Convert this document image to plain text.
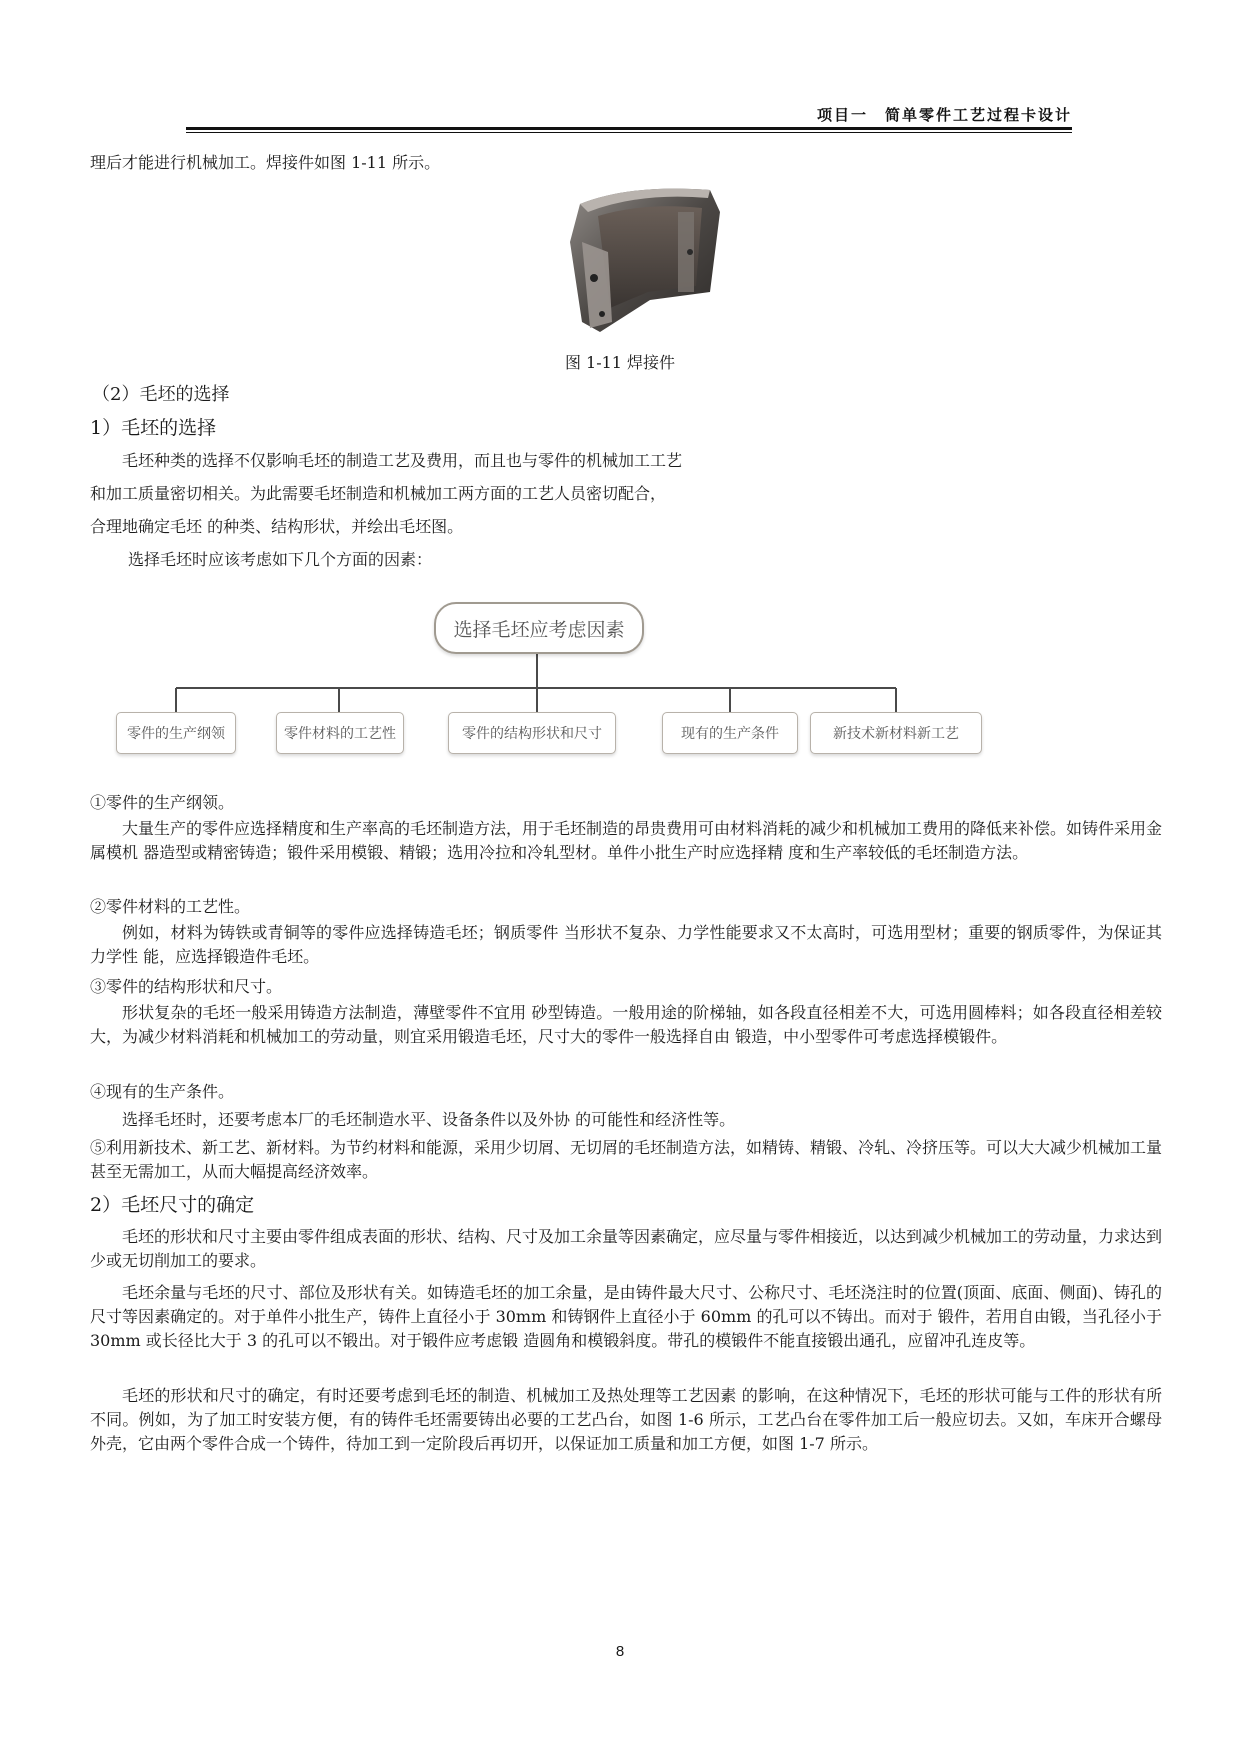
项目一　简单零件工艺过程卡设计
理后才能进行机械加工。焊接件如图 1-11 所示。
图 1-11 焊接件
（2）毛坯的选择
1）毛坯的选择
毛坯种类的选择不仅影响毛坯的制造工艺及费用，而且也与零件的机械加工工艺
和加工质量密切相关。为此需要毛坯制造和机械加工两方面的工艺人员密切配合，
合理地确定毛坯 的种类、结构形状，并绘出毛坯图。
选择毛坯时应该考虑如下几个方面的因素：
选择毛坯应考虑因素
零件的生产纲领	零件材料的工艺性	零件的结构形状和尺寸	现有的生产条件	新技术新材料新工艺
①零件的生产纲领。
大量生产的零件应选择精度和生产率高的毛坯制造方法，用于毛坯制造的昂贵费用可由材料消耗的减少和机械加工费用的降低来补偿。如铸件采用金属模机 器造型或精密铸造；锻件采用模锻、精锻；选用冷拉和冷轧型材。单件小批生产时应选择精 度和生产率较低的毛坯制造方法。
②零件材料的工艺性。
例如，材料为铸铁或青铜等的零件应选择铸造毛坯；钢质零件 当形状不复杂、力学性能要求又不太高时，可选用型材；重要的钢质零件，为保证其力学性 能，应选择锻造件毛坯。
③零件的结构形状和尺寸。
形状复杂的毛坯一般采用铸造方法制造，薄壁零件不宜用 砂型铸造。一般用途的阶梯轴，如各段直径相差不大，可选用圆棒料；如各段直径相差较 大，为减少材料消耗和机械加工的劳动量，则宜采用锻造毛坯，尺寸大的零件一般选择自由 锻造，中小型零件可考虑选择模锻件。
④现有的生产条件。
选择毛坯时，还要考虑本厂的毛坯制造水平、设备条件以及外协 的可能性和经济性等。
⑤利用新技术、新工艺、新材料。为节约材料和能源，采用少切屑、无切屑的毛坯制造方法，如精铸、精锻、冷轧、冷挤压等。可以大大减少机械加工量甚至无需加工，从而大幅提高经济效率。
2）毛坯尺寸的确定
毛坯的形状和尺寸主要由零件组成表面的形状、结构、尺寸及加工余量等因素确定，应尽量与零件相接近，以达到减少机械加工的劳动量，力求达到少或无切削加工的要求。
毛坯余量与毛坯的尺寸、部位及形状有关。如铸造毛坯的加工余量，是由铸件最大尺寸、公称尺寸、毛坯浇注时的位置(顶面、底面、侧面)、铸孔的尺寸等因素确定的。对于单件小批生产，铸件上直径小于 30mm 和铸钢件上直径小于 60mm 的孔可以不铸出。而对于 锻件，若用自由锻，当孔径小于 30mm 或长径比大于 3 的孔可以不锻出。对于锻件应考虑锻 造圆角和模锻斜度。带孔的模锻件不能直接锻出通孔，应留冲孔连皮等。
毛坯的形状和尺寸的确定，有时还要考虑到毛坯的制造、机械加工及热处理等工艺因素 的影响，在这种情况下，毛坯的形状可能与工件的形状有所不同。例如，为了加工时安装方便，有的铸件毛坯需要铸出必要的工艺凸台，如图 1-6 所示，工艺凸台在零件加工后一般应切去。又如，车床开合螺母外壳，它由两个零件合成一个铸件，待加工到一定阶段后再切开，以保证加工质量和加工方便，如图 1-7 所示。
8
